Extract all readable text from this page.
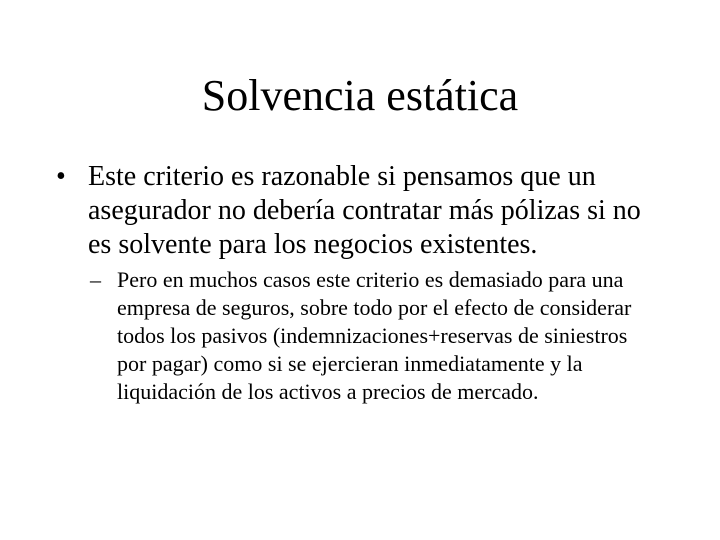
Solvencia estática
• Este criterio es razonable si pensamos que un asegurador no debería contratar más pólizas si no es solvente para los negocios existentes.
– Pero en muchos casos este criterio es demasiado para una empresa de seguros, sobre todo por el efecto de considerar todos los pasivos (indemnizaciones+reservas de siniestros por pagar) como si se ejercieran inmediatamente y la liquidación de los activos a precios de mercado.
